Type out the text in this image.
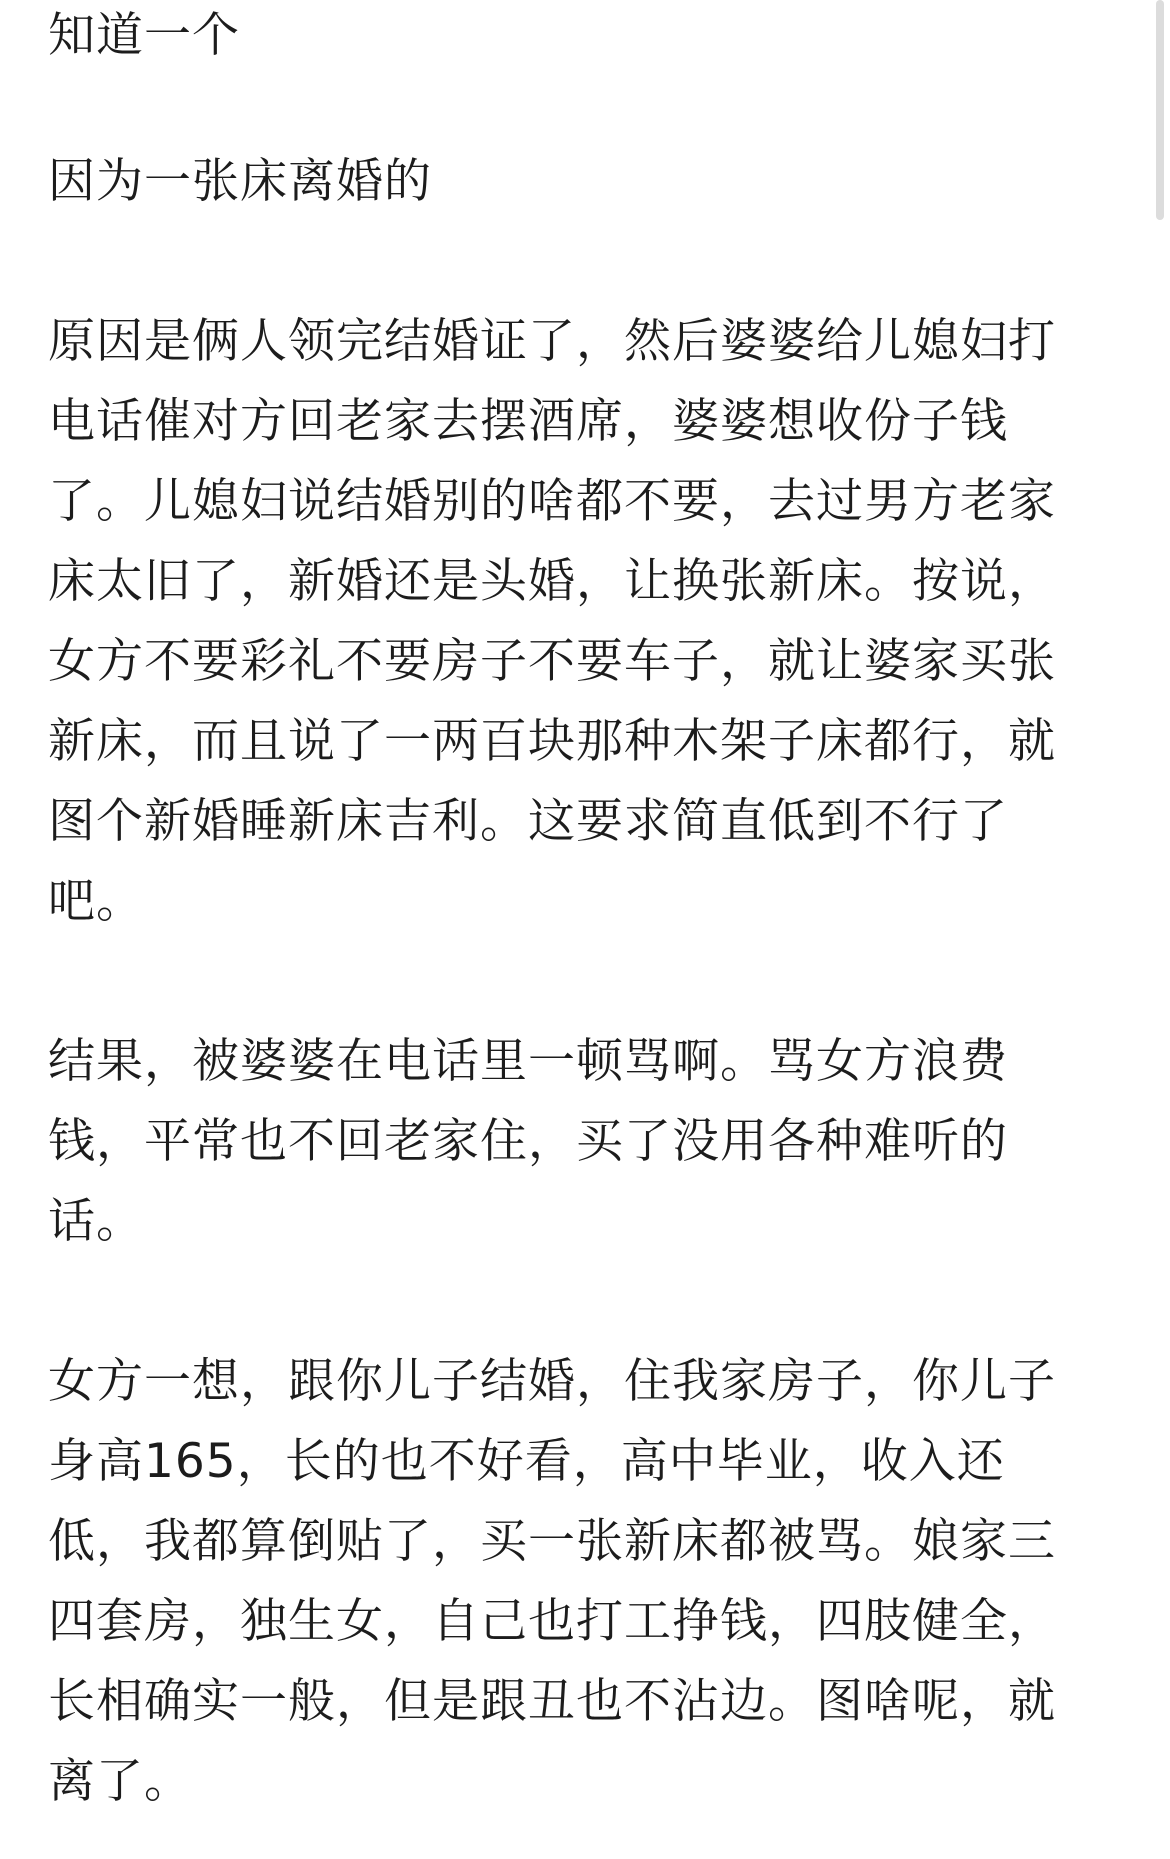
知道一个

因为一张床离婚的

原因是俩人领完结婚证了，然后婆婆给儿媳妇打
电话催对方回老家去摆酒席，婆婆想收份子钱
了。儿媳妇说结婚别的啥都不要，去过男方老家
床太旧了，新婚还是头婚，让换张新床。按说，
女方不要彩礼不要房子不要车子，就让婆家买张
新床，而且说了一两百块那种木架子床都行，就
图个新婚睡新床吉利。这要求简直低到不行了
吧。

结果，被婆婆在电话里一顿骂啊。骂女方浪费
钱，平常也不回老家住，买了没用各种难听的
话。

女方一想，跟你儿子结婚，住我家房子，你儿子
身高165，长的也不好看，高中毕业，收入还
低，我都算倒贴了，买一张新床都被骂。娘家三
四套房，独生女，自己也打工挣钱，四肢健全，
长相确实一般，但是跟丑也不沾边。图啥呢，就
离了。
